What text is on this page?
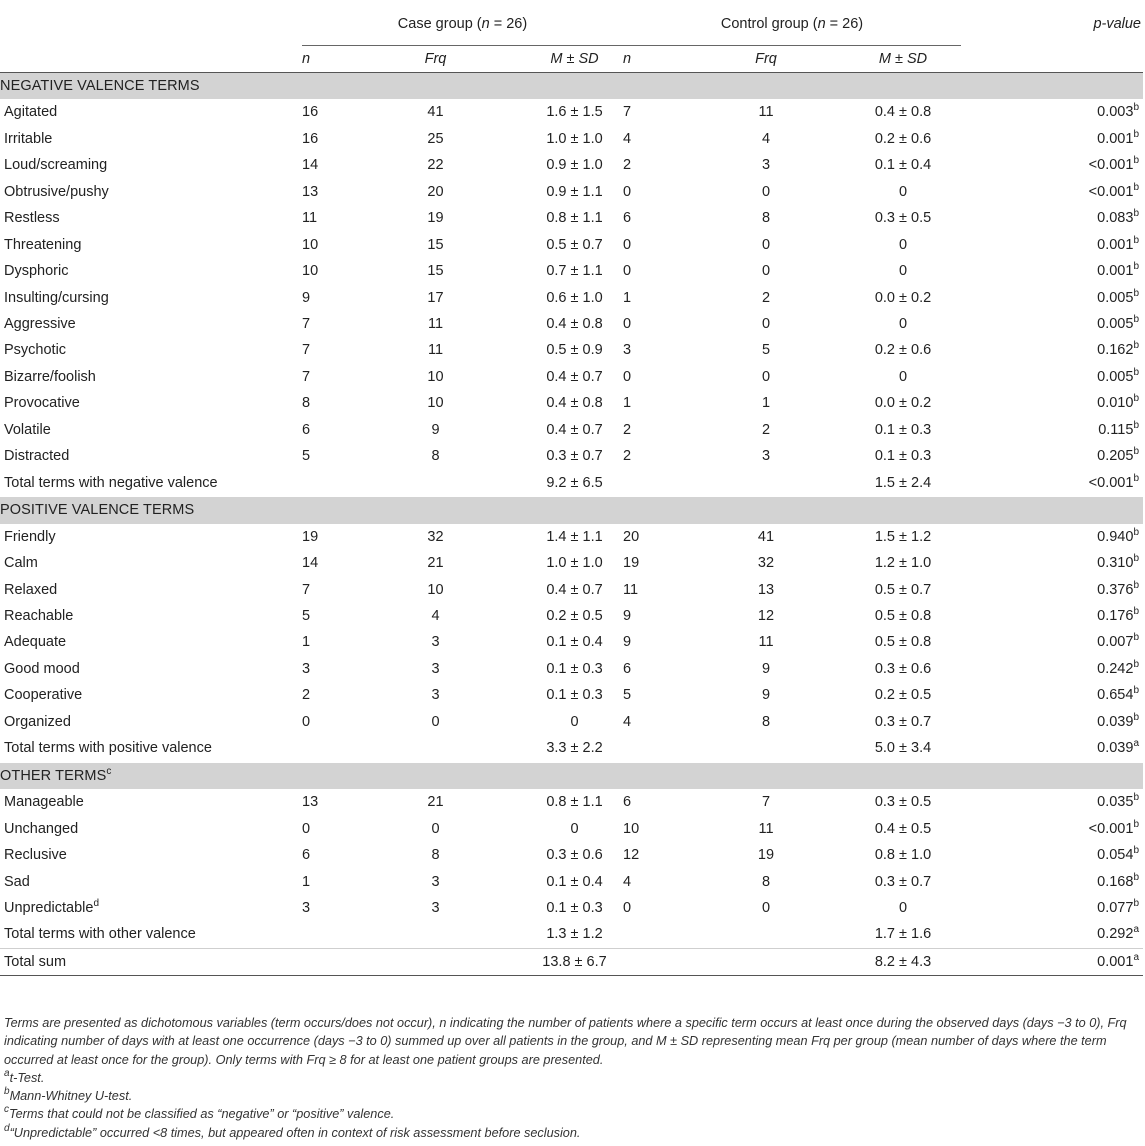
	Case group (n = 26)			Control group (n = 26)			p-value
	n	Frq	M ± SD	n	Frq	M ± SD	
NEGATIVE VALENCE TERMS							
Agitated	16	41	1.6 ± 1.5	7	11	0.4 ± 0.8	0.003$^b$
Irritable	16	25	1.0 ± 1.0	4	4	0.2 ± 0.6	0.001$^b$
Loud/screaming	14	22	0.9 ± 1.0	2	3	0.1 ± 0.4	<0.001$^b$
Obtrusive/pushy	13	20	0.9 ± 1.1	0	0	0	<0.001$^b$
Restless	11	19	0.8 ± 1.1	6	8	0.3 ± 0.5	0.083$^b$
Threatening	10	15	0.5 ± 0.7	0	0	0	0.001$^b$
Dysphoric	10	15	0.7 ± 1.1	0	0	0	0.001$^b$
Insulting/cursing	9	17	0.6 ± 1.0	1	2	0.0 ± 0.2	0.005$^b$
Aggressive	7	11	0.4 ± 0.8	0	0	0	0.005$^b$
Psychotic	7	11	0.5 ± 0.9	3	5	0.2 ± 0.6	0.162$^b$
Bizarre/foolish	7	10	0.4 ± 0.7	0	0	0	0.005$^b$
Provocative	8	10	0.4 ± 0.8	1	1	0.0 ± 0.2	0.010$^b$
Volatile	6	9	0.4 ± 0.7	2	2	0.1 ± 0.3	0.115$^b$
Distracted	5	8	0.3 ± 0.7	2	3	0.1 ± 0.3	0.205$^b$
Total terms with negative valence			9.2 ± 6.5			1.5 ± 2.4	<0.001$^b$
POSITIVE VALENCE TERMS							
Friendly	19	32	1.4 ± 1.1	20	41	1.5 ± 1.2	0.940$^b$
Calm	14	21	1.0 ± 1.0	19	32	1.2 ± 1.0	0.310$^b$
Relaxed	7	10	0.4 ± 0.7	11	13	0.5 ± 0.7	0.376$^b$
Reachable	5	4	0.2 ± 0.5	9	12	0.5 ± 0.8	0.176$^b$
Adequate	1	3	0.1 ± 0.4	9	11	0.5 ± 0.8	0.007$^b$
Good mood	3	3	0.1 ± 0.3	6	9	0.3 ± 0.6	0.242$^b$
Cooperative	2	3	0.1 ± 0.3	5	9	0.2 ± 0.5	0.654$^b$
Organized	0	0	0	4	8	0.3 ± 0.7	0.039$^b$
Total terms with positive valence			3.3 ± 2.2			5.0 ± 3.4	0.039$^a$
OTHER TERMS$^c$
Manageable	13	21	0.8 ± 1.1	6	7	0.3 ± 0.5	0.035$^b$
Unchanged	0	0	0	10	11	0.4 ± 0.5	<0.001$^b$
Reclusive	6	8	0.3 ± 0.6	12	19	0.8 ± 1.0	0.054$^b$
Sad	1	3	0.1 ± 0.4	4	8	0.3 ± 0.7	0.168$^b$
Unpredictable$^d$	3	3	0.1 ± 0.3	0	0	0	0.077$^b$
Total terms with other valence			1.3 ± 1.2			1.7 ± 1.6	0.292$^a$
Total sum			13.8 ± 6.7			8.2 ± 4.3	0.001$^a$

Terms are presented as dichotomous variables (term occurs/does not occur), n indicating the number of patients where a specific term occurs at least once during the observed days (days −3 to 0), Frq indicating number of days with at least one occurrence (days −3 to 0) summed up over all patients in the group, and M ± SD representing mean Frq per group (mean number of days where the term occurred at least once for the group). Only terms with Frq ≥ 8 for at least one patient groups are presented.

$^a$t-Test.

$^b$Mann-Whitney U-test.

$^c$Terms that could not be classified as “negative” or “positive” valence.

$^d$“Unpredictable” occurred <8 times, but appeared often in context of risk assessment before seclusion.
